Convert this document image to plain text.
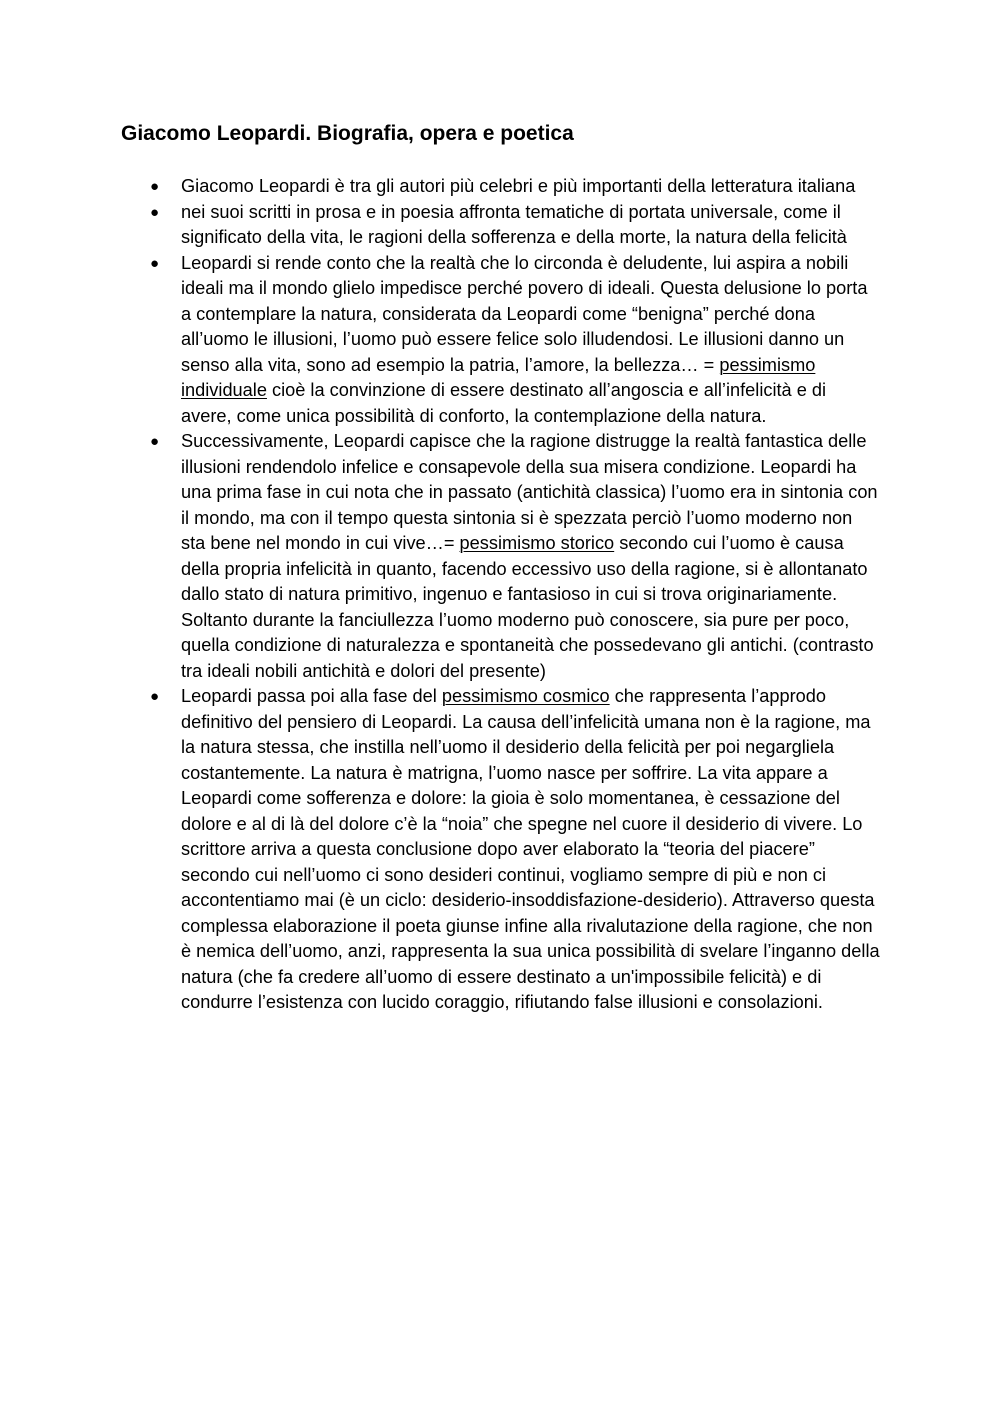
Giacomo Leopardi. Biografia, opera e poetica
●	Giacomo Leopardi è tra gli autori più celebri e più importanti della letteratura italiana
●	nei suoi scritti in prosa e in poesia affronta tematiche di portata universale, come il significato della vita, le ragioni della sofferenza e della morte, la natura della felicità
●	Leopardi si rende conto che la realtà che lo circonda è deludente, lui aspira a nobili ideali ma il mondo glielo impedisce perché povero di ideali. Questa delusione lo porta a contemplare la natura, considerata da Leopardi come “benigna” perché dona all’uomo le illusioni, l’uomo può essere felice solo illudendosi. Le illusioni danno un senso alla vita, sono ad esempio la patria, l’amore, la bellezza… = pessimismo individuale cioè la convinzione di essere destinato all’angoscia e all’infelicità e di avere, come unica possibilità di conforto, la contemplazione della natura.
●	Successivamente, Leopardi capisce che la ragione distrugge la realtà fantastica delle illusioni rendendolo infelice e consapevole della sua misera condizione. Leopardi ha una prima fase in cui nota che in passato (antichità classica) l’uomo era in sintonia con il mondo, ma con il tempo questa sintonia si è spezzata perciò l’uomo moderno non sta bene nel mondo in cui vive…= pessimismo storico secondo cui l’uomo è causa della propria infelicità in quanto, facendo eccessivo uso della ragione, si è allontanato dallo stato di natura primitivo, ingenuo e fantasioso in cui si trova originariamente. Soltanto durante la fanciullezza l’uomo moderno può conoscere, sia pure per poco, quella condizione di naturalezza e spontaneità che possedevano gli antichi. (contrasto tra ideali nobili antichità e dolori del presente)
●	Leopardi passa poi alla fase del pessimismo cosmico che rappresenta l’approdo definitivo del pensiero di Leopardi. La causa dell’infelicità umana non è la ragione, ma la natura stessa, che instilla nell’uomo il desiderio della felicità per poi negargliela costantemente. La natura è matrigna, l’uomo nasce per soffrire. La vita appare a Leopardi come sofferenza e dolore: la gioia è solo momentanea, è cessazione del dolore e al di là del dolore c’è la “noia” che spegne nel cuore il desiderio di vivere. Lo scrittore arriva a questa conclusione dopo aver elaborato la “teoria del piacere” secondo cui nell’uomo ci sono desideri continui, vogliamo sempre di più e non ci accontentiamo mai (è un ciclo: desiderio-insoddisfazione-desiderio). Attraverso questa complessa elaborazione il poeta giunse infine alla rivalutazione della ragione, che non è nemica dell’uomo, anzi, rappresenta la sua unica possibilità di svelare l’inganno della natura (che fa credere all’uomo di essere destinato a un'impossibile felicità) e di condurre l’esistenza con lucido coraggio, rifiutando false illusioni e consolazioni.
